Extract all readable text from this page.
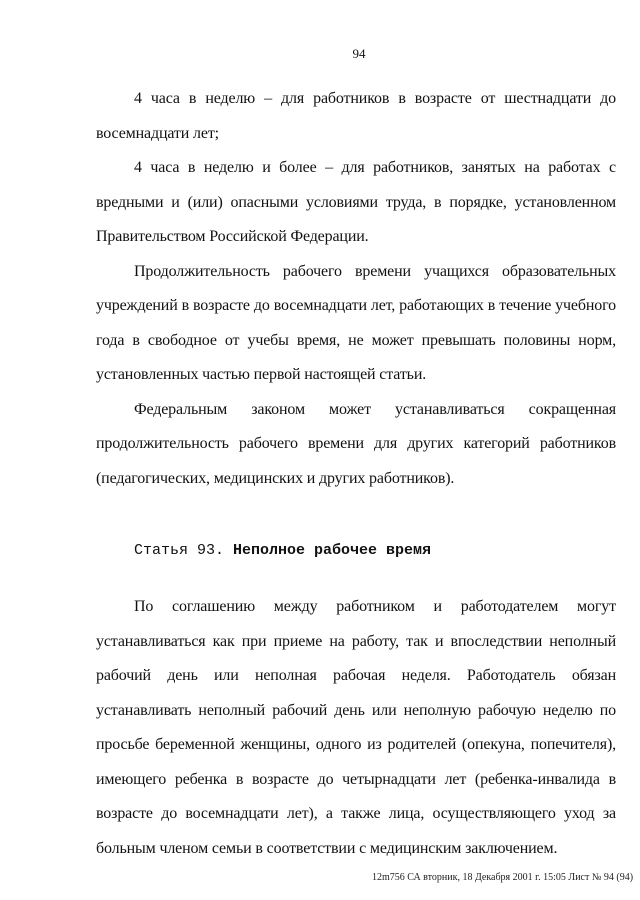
94

4 часа в неделю – для работников в возрасте от шестнадцати до восемнадцати лет;

4 часа в неделю и более – для работников, занятых на работах с вредными и (или) опасными условиями труда, в порядке, установленном Правительством Российской Федерации.

Продолжительность рабочего времени учащихся образовательных учреждений в возрасте до восемнадцати лет, работающих в течение учебного года в свободное от учебы время, не может превышать половины норм, установленных частью первой настоящей статьи.

Федеральным законом может устанавливаться сокращенная продолжительность рабочего времени для других категорий работников (педагогических, медицинских и других работников).

Статья 93. Неполное рабочее время

По соглашению между работником и работодателем могут устанавливаться как при приеме на работу, так и впоследствии неполный рабочий день или неполная рабочая неделя. Работодатель обязан устанавливать неполный рабочий день или неполную рабочую неделю по просьбе беременной женщины, одного из родителей (опекуна, попечителя), имеющего ребенка в возрасте до четырнадцати лет (ребенка-инвалида в возрасте до восемнадцати лет), а также лица, осуществляющего уход за больным членом семьи в соответствии с медицинским заключением.

12m756 СА вторник, 18 Декабря 2001 г. 15:05 Лист № 94 (94)
